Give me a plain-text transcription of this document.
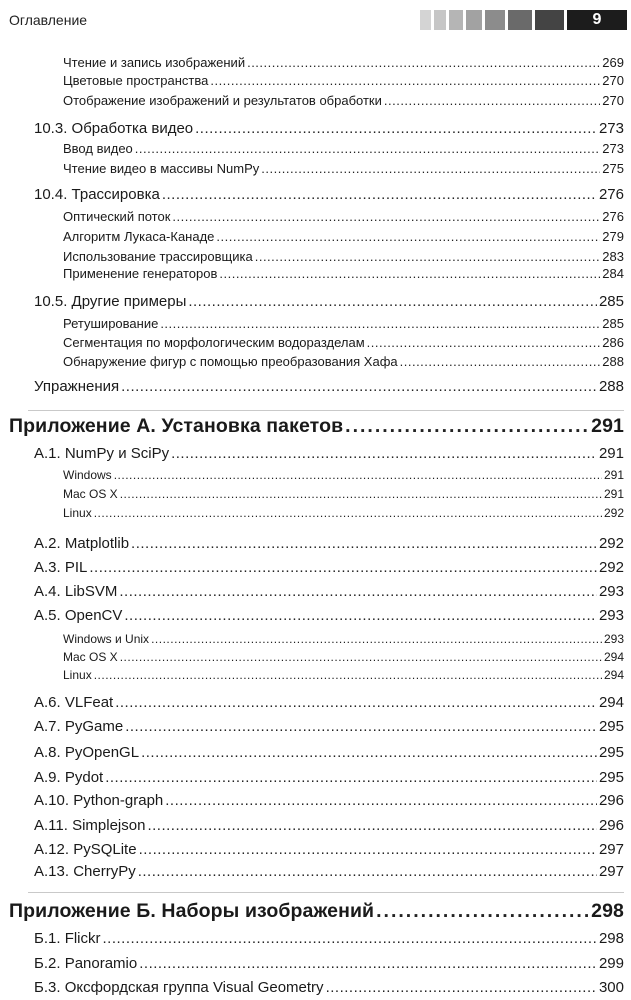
Оглавление	9
Чтение и запись изображений .....	269
Цветовые пространства .....	270
Отображение изображений и результатов обработки .....	270
10.3. Обработка видео .....	273
Ввод видео .....	273
Чтение видео в массивы NumPy .....	275
10.4. Трассировка .....	276
Оптический поток .....	276
Алгоритм Лукаса-Канаде .....	279
Использование трассировщика .....	283
Применение генераторов .....	284
10.5. Другие примеры .....	285
Ретуширование .....	285
Сегментация по морфологическим водоразделам .....	286
Обнаружение фигур с помощью преобразования Хафа .....	288
Упражнения .....	288
Приложение А. Установка пакетов .....	291
А.1. NumPy и SciPy .....	291
Windows .....	291
Mac OS X .....	291
Linux .....	292
А.2. Matplotlib .....	292
А.3. PIL .....	292
А.4. LibSVM .....	293
А.5. OpenCV .....	293
Windows и Unix .....	293
Mac OS X .....	294
Linux .....	294
А.6. VLFeat .....	294
А.7. PyGame .....	295
А.8. PyOpenGL .....	295
А.9. Pydot .....	295
А.10. Python-graph .....	296
А.11. Simplejson .....	296
А.12. PySQLite .....	297
А.13. CherryPy .....	297
Приложение Б. Наборы изображений .....	298
Б.1. Flickr .....	298
Б.2. Panoramio .....	299
Б.3. Оксфордская группа Visual Geometry .....	300
